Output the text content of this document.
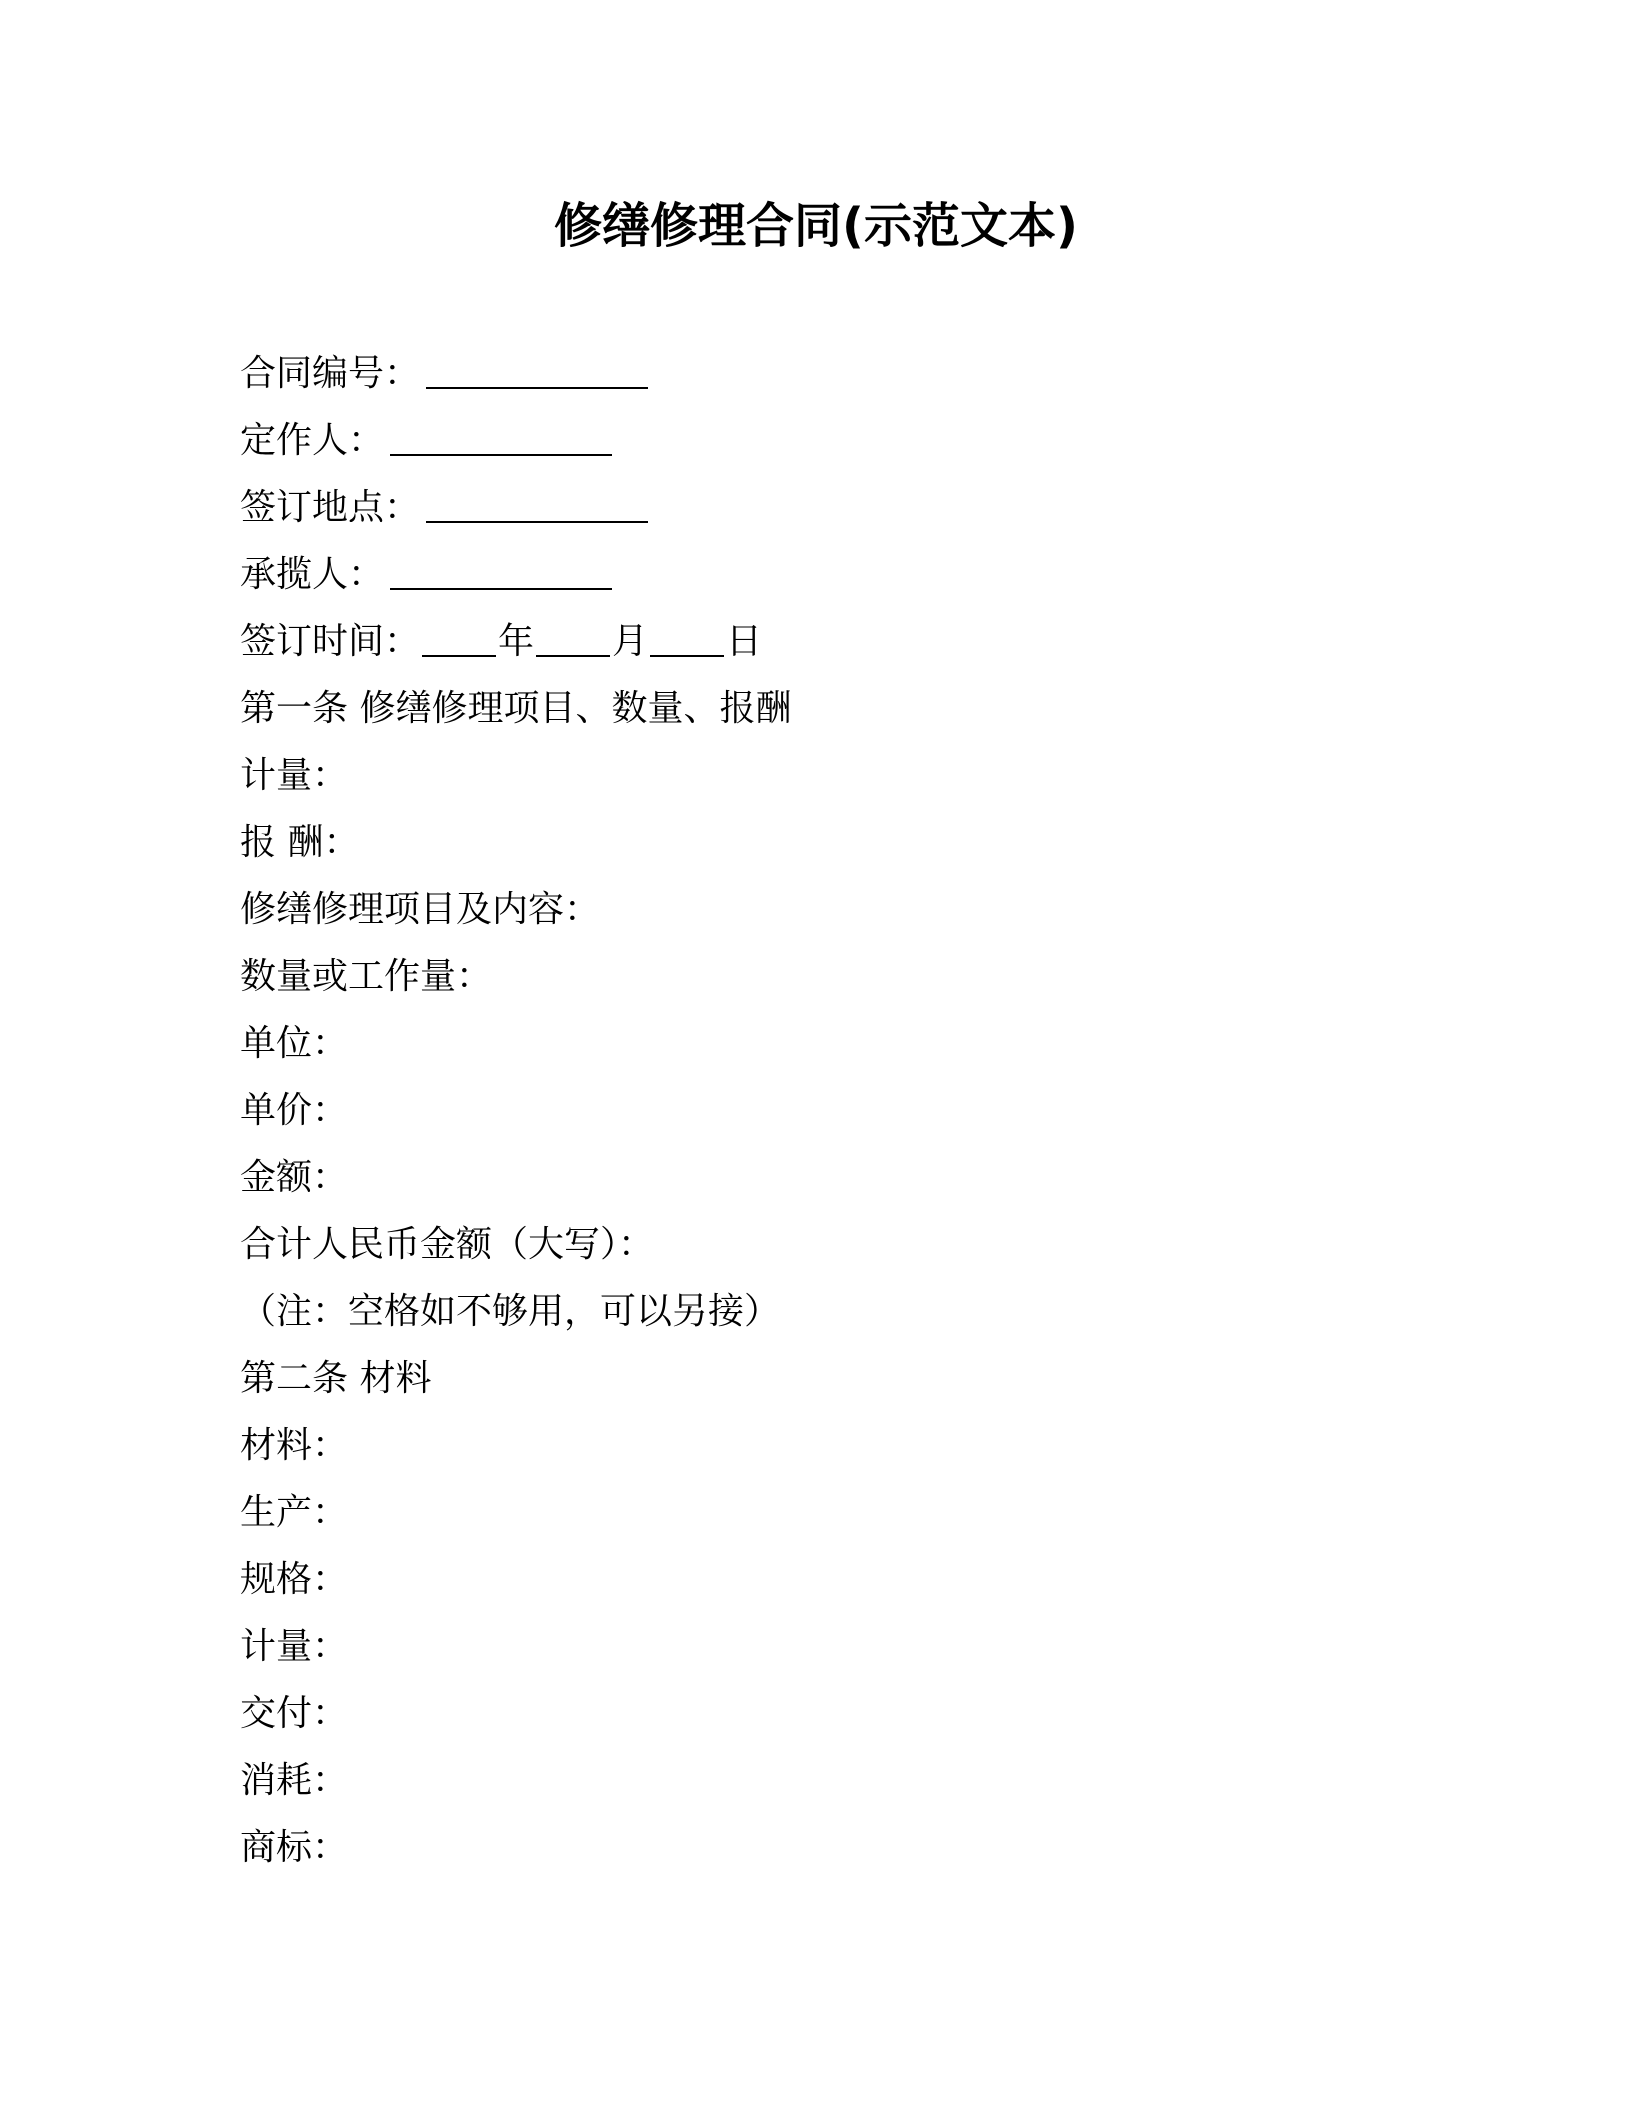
修缮修理合同(示范文本)
合同编号：
定作人：
签订地点：
承揽人：
签订时间： 年 月 日
第一条 修缮修理项目、数量、报酬
计量：
报 酬：
修缮修理项目及内容：
数量或工作量：
单位：
单价：
金额：
合计人民币金额（大写）：
（注：空格如不够用，可以另接）
第二条 材料
材料：
生产：
规格：
计量：
交付：
消耗：
商标：
